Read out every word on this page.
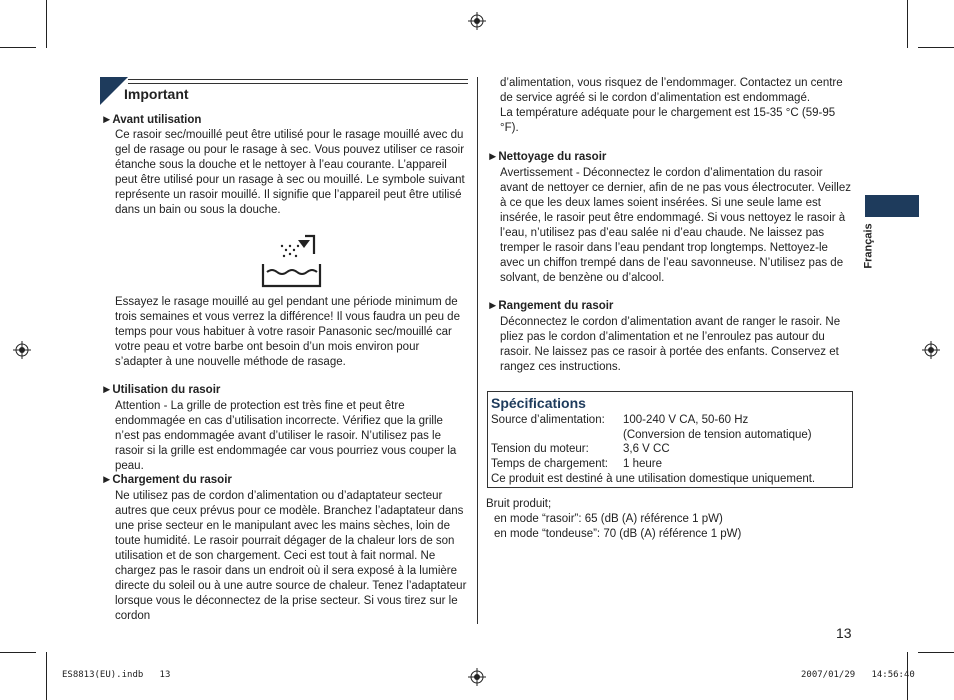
Important
►Avant utilisation

Ce rasoir sec/mouillé peut être utilisé pour le rasage mouillé avec du gel de rasage ou pour le rasage à sec. Vous pouvez utiliser ce rasoir étanche sous la douche et le nettoyer à l’eau courante. L’appareil peut être utilisé pour un rasage à sec ou mouillé. Le symbole suivant représente un rasoir mouillé. Il signifie que l’appareil peut être utilisé dans un bain ou sous la douche.

Essayez le rasage mouillé au gel pendant une période minimum de trois semaines et vous verrez la différence! Il vous faudra un peu de temps pour vous habituer à votre rasoir Panasonic sec/mouillé car votre peau et votre barbe ont besoin d’un mois environ pour s’adapter à une nouvelle méthode de rasage.

►Utilisation du rasoir

Attention - La grille de protection est très fine et peut être endommagée en cas d’utilisation incorrecte. Vérifiez que la grille n’est pas endommagée avant d’utiliser le rasoir. N’utilisez pas le rasoir si la grille est endommagée car vous pourriez vous couper la peau.

►Chargement du rasoir

Ne utilisez pas de cordon d’alimentation ou d’adaptateur secteur autres que ceux prévus pour ce modèle. Branchez l’adaptateur dans une prise secteur en le manipulant avec les mains sèches, loin de toute humidité. Le rasoir pourrait dégager de la chaleur lors de son utilisation et de son chargement. Ceci est tout à fait normal. Ne chargez pas le rasoir dans un endroit où il sera exposé à la lumière directe du soleil ou à une autre source de chaleur. Tenez l’adaptateur lorsque vous le déconnectez de la prise secteur. Si vous tirez sur le cordon

d’alimentation, vous risquez de l’endommager. Contactez un centre de service agréé si le cordon d’alimentation est endommagé.

La température adéquate pour le chargement est 15-35 °C (59-95 °F).

►Nettoyage du rasoir

Avertissement - Déconnectez le cordon d’alimentation du rasoir avant de nettoyer ce dernier, afin de ne pas vous électrocuter. Veillez à ce que les deux lames soient insérées. Si une seule lame est insérée, le rasoir peut être endommagé. Si vous nettoyez le rasoir à l’eau, n’utilisez pas d’eau salée ni d’eau chaude. Ne laissez pas tremper le rasoir dans l’eau pendant trop longtemps. Nettoyez-le avec un chiffon trempé dans de l’eau savonneuse. N’utilisez pas de solvant, de benzène ou d’alcool.

►Rangement du rasoir

Déconnectez le cordon d’alimentation avant de ranger le rasoir. Ne pliez pas le cordon d’alimentation et ne l’enroulez pas autour du rasoir. Ne laissez pas ce rasoir à portée des enfants. Conservez et rangez ces instructions.

Spécifications
Source d’alimentation: 100-240 V CA, 50-60 Hz
(Conversion de tension automatique)
Tension du moteur:	3,6 V CC
Temps de chargement: 1 heure
Ce produit est destiné à une utilisation domestique uniquement.
Bruit produit;
en mode “rasoir”: 65 (dB (A) référence 1 pW)
en mode “tondeuse”: 70 (dB (A) référence 1 pW)
Français
13
ES8813(EU).indb   13	2007/01/29   14:56:40
